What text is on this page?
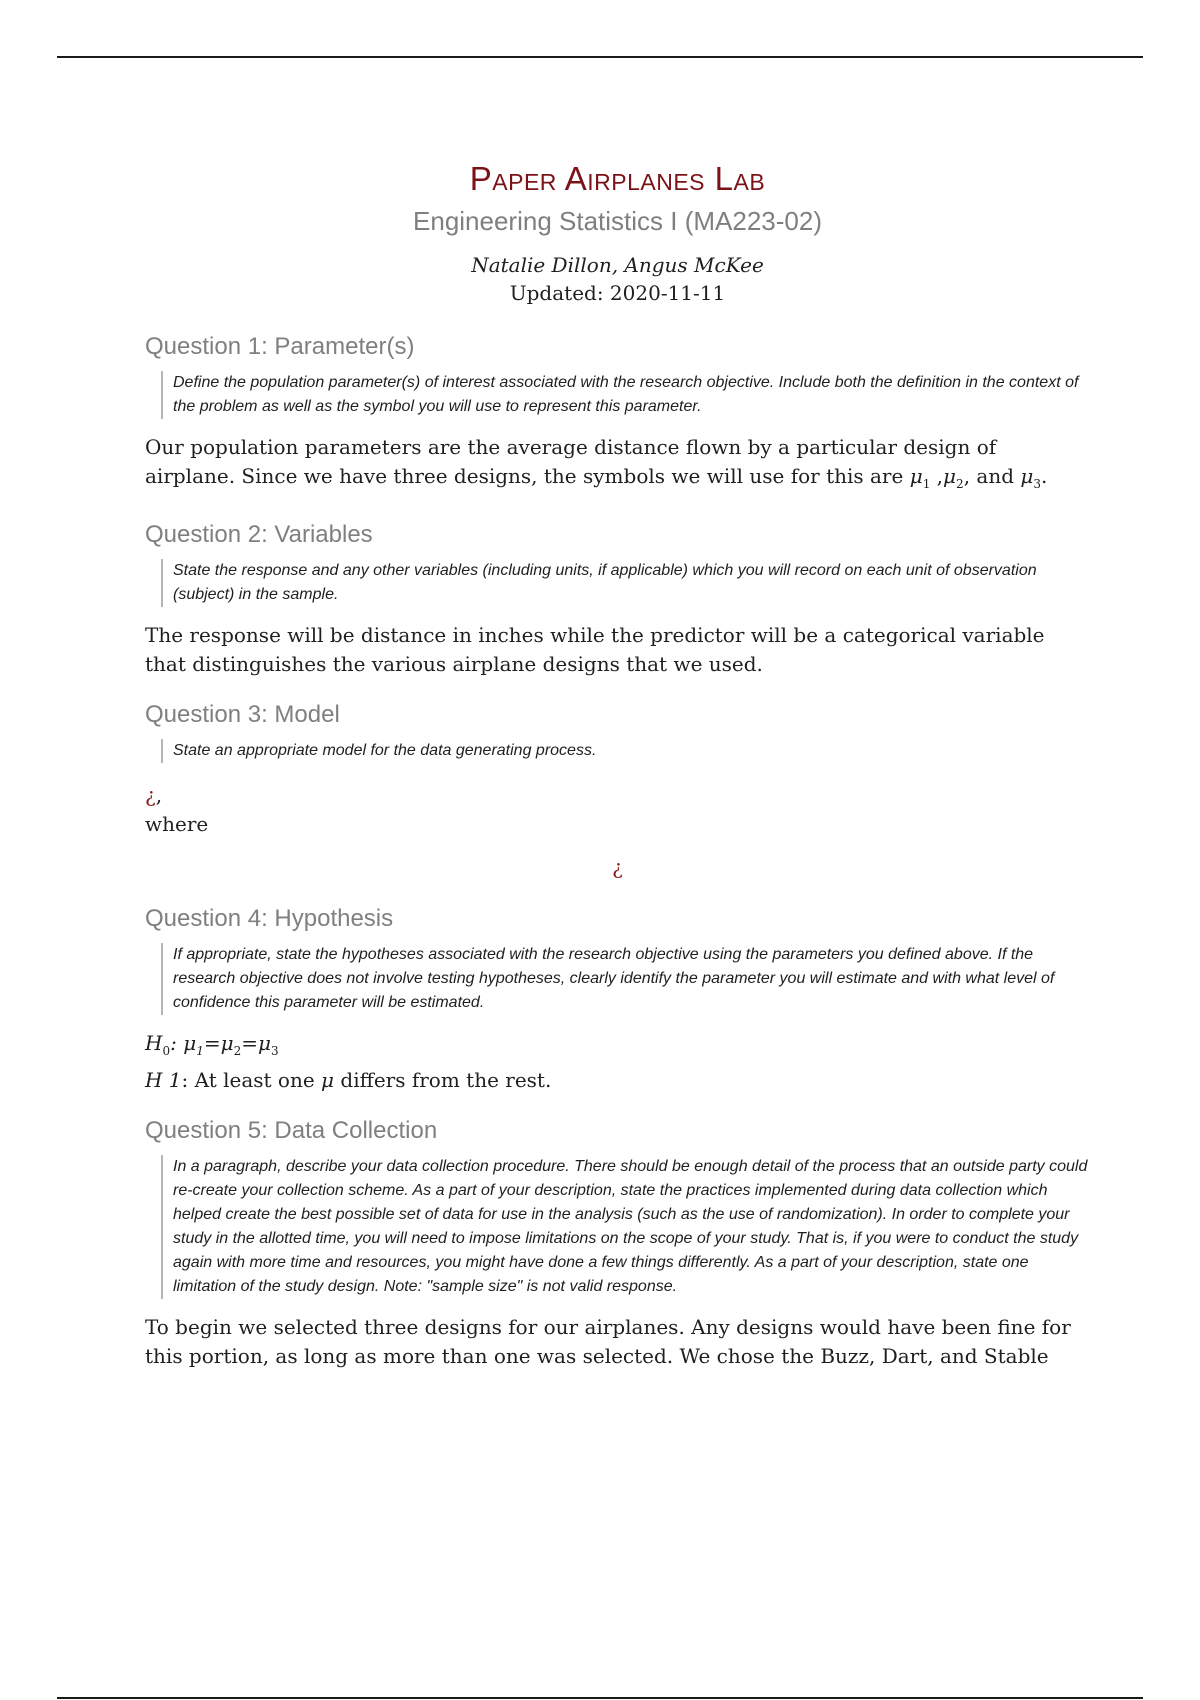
Paper Airplanes Lab
Engineering Statistics I (MA223-02)
Natalie Dillon, Angus McKee
Updated: 2020-11-11
Question 1: Parameter(s)
Define the population parameter(s) of interest associated with the research objective. Include both the definition in the context of the problem as well as the symbol you will use to represent this parameter.

Our population parameters are the average distance flown by a particular design of airplane. Since we have three designs, the symbols we will use for this are $\mu_1$ $,\mu_2$, and $\mu_3$.

Question 2: Variables
State the response and any other variables (including units, if applicable) which you will record on each unit of observation (subject) in the sample.

The response will be distance in inches while the predictor will be a categorical variable that distinguishes the various airplane designs that we used.

Question 3: Model
State an appropriate model for the data generating process.

¿,

where

¿

Question 4: Hypothesis
If appropriate, state the hypotheses associated with the research objective using the parameters you defined above. If the research objective does not involve testing hypotheses, clearly identify the parameter you will estimate and with what level of confidence this parameter will be estimated.

$H_0$: $\mu_1=\mu_2=\mu_3$

H 1: At least one μ differs from the rest.

Question 5: Data Collection
In a paragraph, describe your data collection procedure. There should be enough detail of the process that an outside party could re-create your collection scheme. As a part of your description, state the practices implemented during data collection which helped create the best possible set of data for use in the analysis (such as the use of randomization). In order to complete your study in the allotted time, you will need to impose limitations on the scope of your study. That is, if you were to conduct the study again with more time and resources, you might have done a few things differently. As a part of your description, state one limitation of the study design. Note: "sample size" is not valid response.

To begin we selected three designs for our airplanes. Any designs would have been fine for this portion, as long as more than one was selected. We chose the Buzz, Dart, and Stable
